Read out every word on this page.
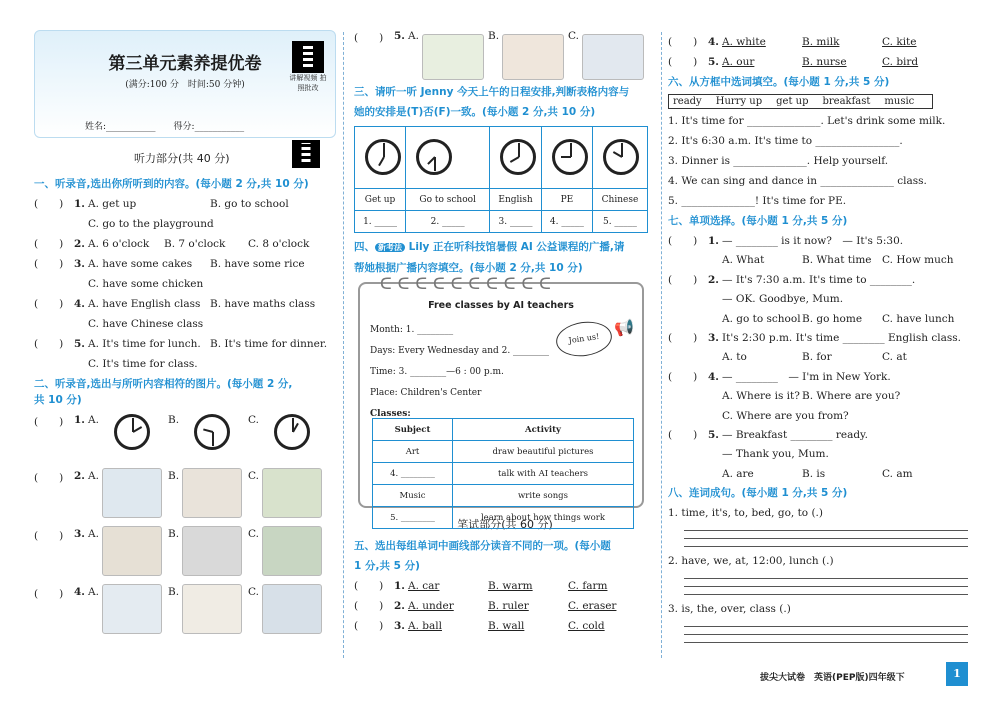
第三单元素养提优卷
(满分:100 分　时间:50 分钟)
姓名:___________　　得分:___________
讲解视频 拍照批改
听力部分(共 40 分)
一、听录音,选出你所听到的内容。(每小题 2 分,共 10 分)
1. A. get up	B. go to school
(　　)
C. go to the playground
2. A. 6 o'clock B. 7 o'clock C. 8 o'clock
(　　)
3. A. have some cakes B. have some rice
(　　)
C. have some chicken
4. A. have English class B. have maths class
(　　)
C. have Chinese class
5. A. It's time for lunch. B. It's time for dinner.
(　　)
C. It's time for class.
二、听录音,选出与所听内容相符的图片。(每小题 2 分,
共 10 分)
(　　) 1. A.	B.	C.
(　　) 2. A.	B.	C.
(　　) 3. A.	B.	C.
(　　) 4. A.	B.	C.
(　　) 5. A.	B.	C.
三、请听一听 Jenny 今天上午的日程安排,判断表格内容与
她的安排是(T)否(F)一致。(每小题 2 分,共 10 分)

Get up	Go to school	English	PE	Chinese
1. _____	2. _____	3. _____	4. _____	5. _____
四、 新考法 Lily 正在听科技馆暑假 AI 公益课程的广播,请
帮她根据广播内容填空。(每小题 2 分,共 10 分)
ᑕᑕᑕᑕᑕᑕᑕᑕᑕᑕ
Free classes by AI teachers
Month: 1. ________
Days: Every Wednesday and 2. ________
Time: 3. ________—6 : 00 p.m.
Place: Children's Center
Classes:
Join us!
📢
Subject	Activity
Art	draw beautiful pictures
4. ________	talk with AI teachers
Music	write songs
5. ________	learn about how things work
笔试部分(共 60 分)
五、选出每组单词中画线部分读音不同的一项。(每小题
1 分,共 5 分)
1. A. car	B. warm	C. farm
(　　)
2. A. under	B. ruler	C. eraser
(　　)
3. A. ball	B. wall	C. cold
(　　)
4. A. white	B. milk	C. kite
(　　)
5. A. our	B. nurse	C. bird
(　　)
六、从方框中选词填空。(每小题 1 分,共 5 分)
ready Hurry up get up breakfast music
1. It's time for ______________. Let's drink some milk.
2. It's 6:30 a.m. It's time to ________________.
3. Dinner is ______________. Help yourself.
4. We can sing and dance in ______________ class.
5. ______________! It's time for PE.
七、单项选择。(每小题 1 分,共 5 分)
1. — ________ is it now?　— It's 5:30.
(　　)
A. What	B. What time C. How much
2. — It's 7:30 a.m. It's time to ________.
(　　)
— OK. Goodbye, Mum.
A. go to school B. go home C. have lunch
3. It's 2:30 p.m. It's time ________ English class.
(　　)
A. to	B. for	C. at
4. — ________　— I'm in New York.
(　　)
A. Where is it? B. Where are you?
C. Where are you from?
5. — Breakfast ________ ready.
(　　)
— Thank you, Mum.
A. are	B. is	C. am
八、连词成句。(每小题 1 分,共 5 分)
1. time, it's, to, bed, go, to (.)
2. have, we, at, 12:00, lunch (.)
3. is, the, over, class (.)
拔尖大试卷　英语(PEP版)四年级下	1
